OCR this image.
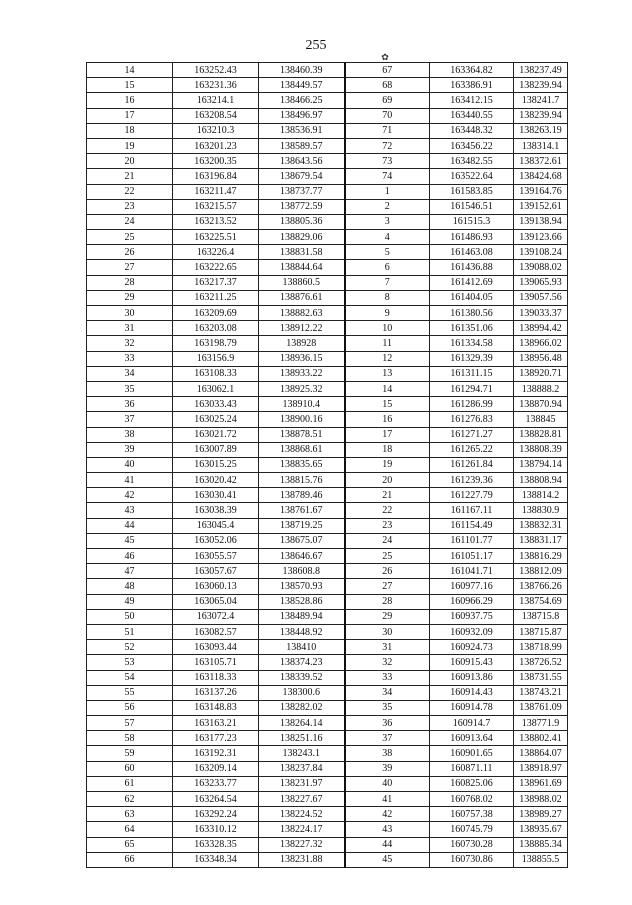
255
✿
14	163252.43	138460.39	67	163364.82	138237.49
15	163231.36	138449.57	68	163386.91	138239.94
16	163214.1	138466.25	69	163412.15	138241.7
17	163208.54	138496.97	70	163440.55	138239.94
18	163210.3	138536.91	71	163448.32	138263.19
19	163201.23	138589.57	72	163456.22	138314.1
20	163200.35	138643.56	73	163482.55	138372.61
21	163196.84	138679.54	74	163522.64	138424.68
22	163211.47	138737.77	1	161583.85	139164.76
23	163215.57	138772.59	2	161546.51	139152.61
24	163213.52	138805.36	3	161515.3	139138.94
25	163225.51	138829.06	4	161486.93	139123.66
26	163226.4	138831.58	5	161463.08	139108.24
27	163222.65	138844.64	6	161436.88	139088.02
28	163217.37	138860.5	7	161412.69	139065.93
29	163211.25	138876.61	8	161404.05	139057.56
30	163209.69	138882.63	9	161380.56	139033.37
31	163203.08	138912.22	10	161351.06	138994.42
32	163198.79	138928	11	161334.58	138966.02
33	163156.9	138936.15	12	161329.39	138956.48
34	163108.33	138933.22	13	161311.15	138920.71
35	163062.1	138925.32	14	161294.71	138888.2
36	163033.43	138910.4	15	161286.99	138870.94
37	163025.24	138900.16	16	161276.83	138845
38	163021.72	138878.51	17	161271.27	138828.81
39	163007.89	138868.61	18	161265.22	138808.39
40	163015.25	138835.65	19	161261.84	138794.14
41	163020.42	138815.76	20	161239.36	138808.94
42	163030.41	138789.46	21	161227.79	138814.2
43	163038.39	138761.67	22	161167.11	138830.9
44	163045.4	138719.25	23	161154.49	138832.31
45	163052.06	138675.07	24	161101.77	138831.17
46	163055.57	138646.67	25	161051.17	138816.29
47	163057.67	138608.8	26	161041.71	138812.09
48	163060.13	138570.93	27	160977.16	138766.26
49	163065.04	138528.86	28	160966.29	138754.69
50	163072.4	138489.94	29	160937.75	138715.8
51	163082.57	138448.92	30	160932.09	138715.87
52	163093.44	138410	31	160924.73	138718.99
53	163105.71	138374.23	32	160915.43	138726.52
54	163118.33	138339.52	33	160913.86	138731.55
55	163137.26	138300.6	34	160914.43	138743.21
56	163148.83	138282.02	35	160914.78	138761.09
57	163163.21	138264.14	36	160914.7	138771.9
58	163177.23	138251.16	37	160913.64	138802.41
59	163192.31	138243.1	38	160901.65	138864.07
60	163209.14	138237.84	39	160871.11	138918.97
61	163233.77	138231.97	40	160825.06	138961.69
62	163264.54	138227.67	41	160768.02	138988.02
63	163292.24	138224.52	42	160757.38	138989.27
64	163310.12	138224.17	43	160745.79	138935.67
65	163328.35	138227.32	44	160730.28	138885.34
66	163348.34	138231.88	45	160730.86	138855.5
